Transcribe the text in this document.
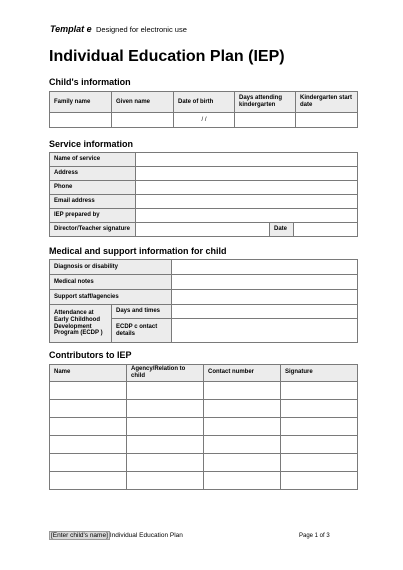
Templat e Designed for electronic use
Individual Education Plan (IEP)
Child's information
Family name	Given name	Date of birth	Days attending kindergarten	Kindergarten start date
		/ /		
Service information
Name of service			
Address			
Phone			
Email address			
IEP prepared by			
Director/Teacher signature		Date	
Medical and support information for child
Diagnosis or disability		
Medical notes		
Support staff/agencies		
Attendance at Early Childhood Development Program (ECDP )	Days and times	
	ECDP c ontact details	
Contributors to IEP
Name	Agency/Relation to child	Contact number	Signature

[Enter child's name] Individual Education Plan	Page 1 of 3
